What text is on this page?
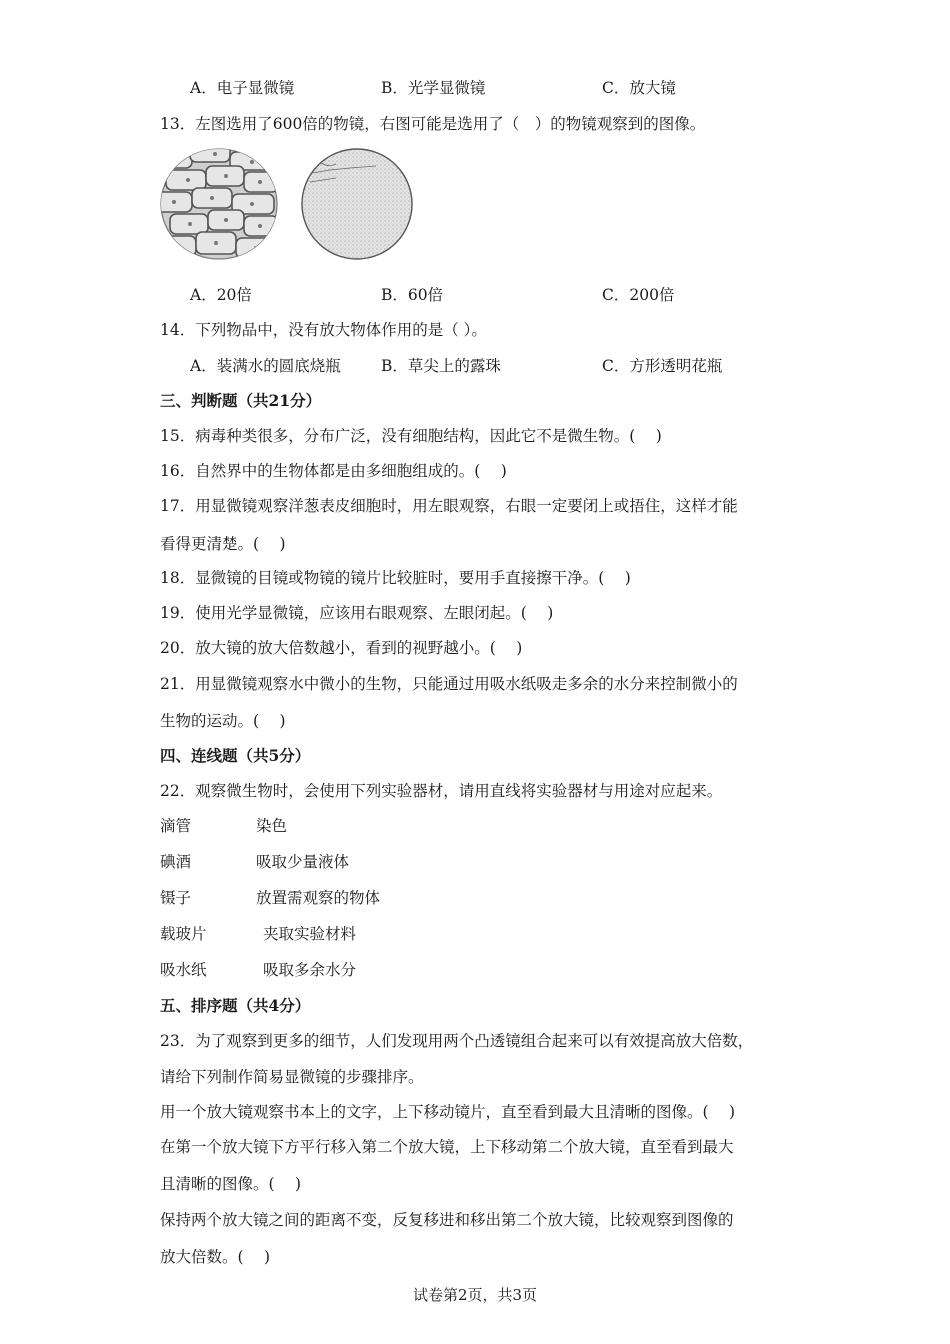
A．电子显微镜	B．光学显微镜	C．放大镜
13．左图选用了600倍的物镜，右图可能是选用了（　）的物镜观察到的图像。
A．20倍	B．60倍	C．200倍
14．下列物品中，没有放大物体作用的是（ ）。
A．装满水的圆底烧瓶	B．草尖上的露珠	C．方形透明花瓶
三、判断题（共21分）
15．病毒种类很多，分布广泛，没有细胞结构，因此它不是微生物。(　 )
16．自然界中的生物体都是由多细胞组成的。(　 )
17．用显微镜观察洋葱表皮细胞时，用左眼观察，右眼一定要闭上或捂住，这样才能
看得更清楚。(　 )
18．显微镜的目镜或物镜的镜片比较脏时，要用手直接擦干净。(　 )
19．使用光学显微镜，应该用右眼观察、左眼闭起。(　 )
20．放大镜的放大倍数越小，看到的视野越小。(　 )
21．用显微镜观察水中微小的生物，只能通过用吸水纸吸走多余的水分来控制微小的
生物的运动。(　 )
四、连线题（共5分）
22．观察微生物时，会使用下列实验器材，请用直线将实验器材与用途对应起来。
滴管	染色
碘酒	吸取少量液体
镊子	放置需观察的物体
载玻片	夹取实验材料
吸水纸	吸取多余水分
五、排序题（共4分）
23．为了观察到更多的细节，人们发现用两个凸透镜组合起来可以有效提高放大倍数，
请给下列制作简易显微镜的步骤排序。
用一个放大镜观察书本上的文字，上下移动镜片，直至看到最大且清晰的图像。(　 )
在第一个放大镜下方平行移入第二个放大镜，上下移动第二个放大镜，直至看到最大
且清晰的图像。(　 )
保持两个放大镜之间的距离不变，反复移进和移出第二个放大镜，比较观察到图像的
放大倍数。(　 )
试卷第2页，共3页
